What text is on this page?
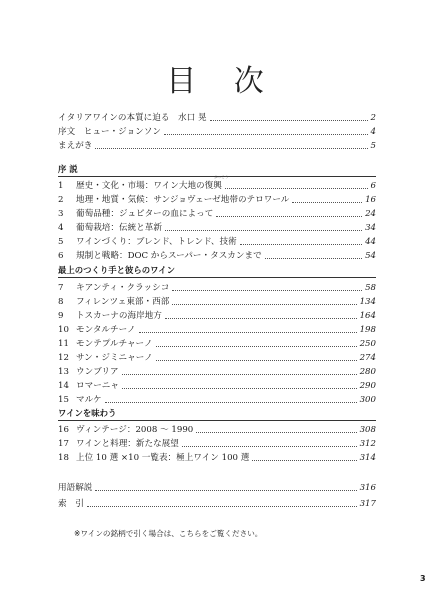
目 次
イタリアワインの本質に迫る　水口 晃	2
序文　ヒュー・ジョンソン	4
まえがき	5
序 説
1	歴史・文化・市場：ワイン大地の復興	6
ふっこう
2	地理・地質・気候：サンジョヴェーゼ地帯のテロワール	16
3	葡萄品種：ジュピターの血によって	24
4	葡萄栽培：伝統と革新	34
5	ワインづくり：ブレンド、トレンド、技術	44
6	規制と戦略：DOC からスーパー・タスカンまで	54
最上のつくり手と彼らのワイン
7	キアンティ・クラッシコ	58
8	フィレンツェ東部・西部	134
9	トスカーナの海岸地方	164
10 モンタルチーノ	198
11 モンテプルチャーノ	250
12 サン・ジミニャーノ	274
13 ウンブリア	280
14 ロマーニャ	290
15 マルケ	300
ワインを味わう
16 ヴィンテージ：2008 〜 1990	308
17 ワインと料理：新たな展望	312
18 上位 10 選 ×10 一覧表：極上ワイン 100 選	314
用語解説	316
索　引	317
※ワインの銘柄で引く場合は、こちらをご覧ください。
3
